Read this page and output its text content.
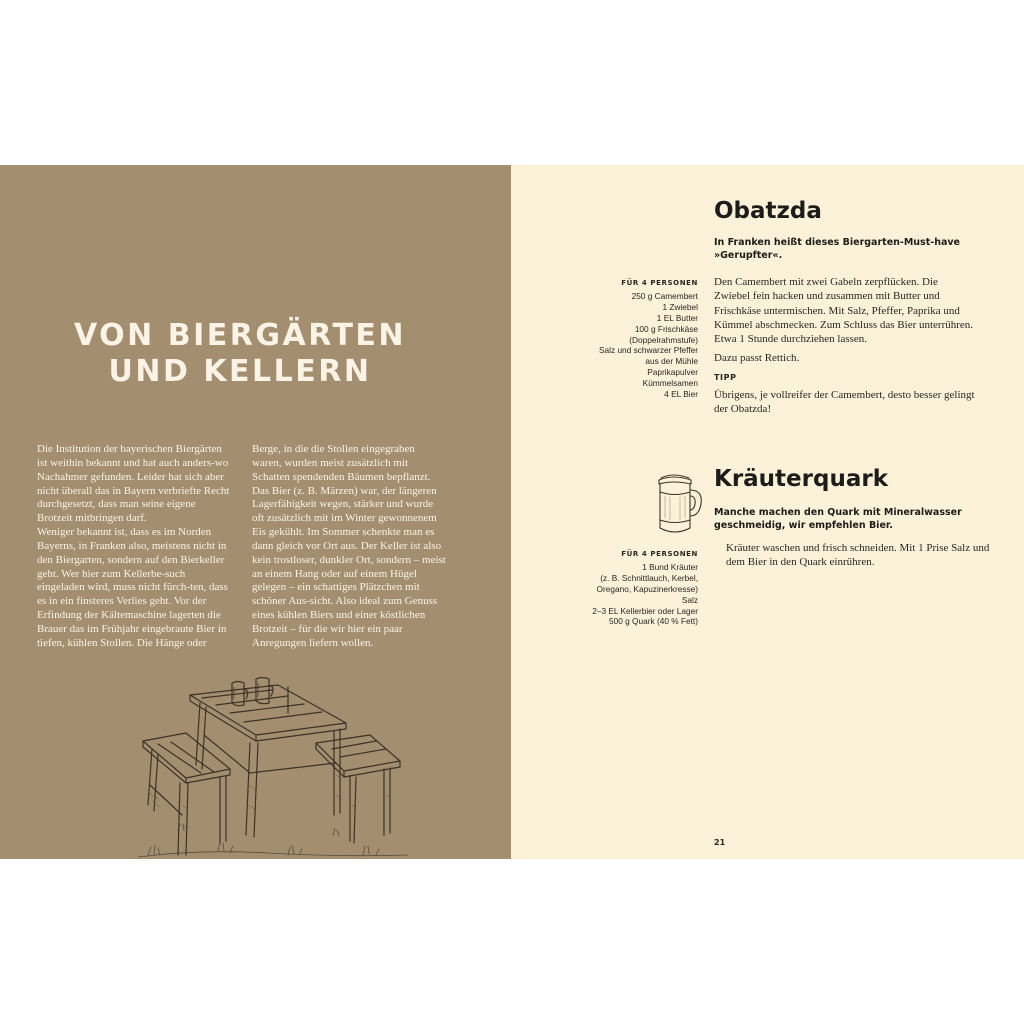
VON BIERGÄRTEN
UND KELLERN

Die Institution der bayerischen Biergärten ist weithin bekannt und hat auch anders-wo Nachahmer gefunden. Leider hat sich aber nicht überall das in Bayern verbriefte Recht durchgesetzt, dass man seine eigene Brotzeit mitbringen darf.

Weniger bekannt ist, dass es im Norden Bayerns, in Franken also, meistens nicht in den Biergarten, sondern auf den Bierkeller geht. Wer hier zum Kellerbe-such eingeladen wird, muss nicht fürch-ten, dass es in ein finsteres Verlies geht. Vor der Erfindung der Kältemaschine lagerten die Brauer das im Frühjahr eingebraute Bier in tiefen, kühlen Stollen. Die Hänge oder Berge, in die die Stollen eingegraben waren, wurden meist zusätzlich mit Schatten spendenden Bäumen bepflanzt. Das Bier (z. B. Märzen) war, der längeren Lagerfähigkeit wegen, stärker und wurde oft zusätzlich mit im Winter gewonnenem Eis gekühlt. Im Sommer schenkte man es dann gleich vor Ort aus. Der Keller ist also kein trostloser, dunkler Ort, sondern – meist an einem Hang oder auf einem Hügel gelegen – ein schattiges Plätzchen mit schöner Aus-sicht. Also ideal zum Genuss eines kühlen Biers und einer köstlichen Brotzeit – für die wir hier ein paar Anregungen liefern wollen.

Obatzda

In Franken heißt dieses Biergarten-Must-have »Gerupfter«.

FÜR 4 PERSONEN
250 g Camembert
1 Zwiebel
1 EL Butter
100 g Frischkäse
(Doppelrahmstufe)
Salz und schwarzer Pfeffer
aus der Mühle
Paprikapulver
Kümmelsamen
4 EL Bier

Den Camembert mit zwei Gabeln zerpflücken. Die Zwiebel fein hacken und zusammen mit Butter und Frischkäse untermischen. Mit Salz, Pfeffer, Paprika und Kümmel abschmecken. Zum Schluss das Bier unterrühren. Etwa 1 Stunde durchziehen lassen.

Dazu passt Rettich.

TIPP

Übrigens, je vollreifer der Camembert, desto besser gelingt der Obatzda!

Kräuterquark

Manche machen den Quark mit Mineralwasser geschmeidig, wir empfehlen Bier.

FÜR 4 PERSONEN
1 Bund Kräuter
(z. B. Schnittlauch, Kerbel,
Oregano, Kapuzinerkresse)
Salz
2–3 EL Kellerbier oder Lager
500 g Quark (40 % Fett)

Kräuter waschen und frisch schneiden. Mit 1 Prise Salz und dem Bier in den Quark einrühren.

21
